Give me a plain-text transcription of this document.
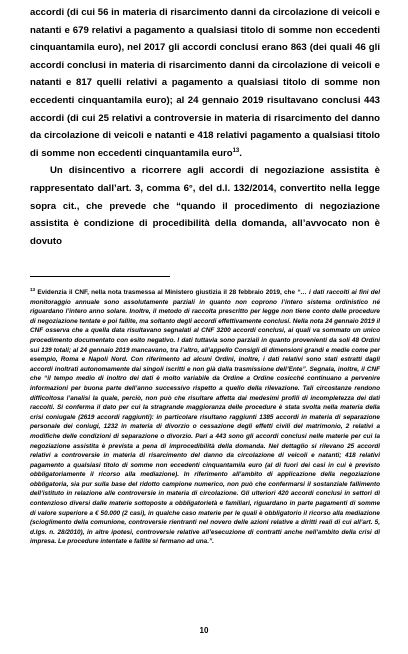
accordi (di cui 56 in materia di risarcimento danni da circolazione di veicoli e natanti e 679 relativi a pagamento a qualsiasi titolo di somme non eccedenti cinquantamila euro), nel 2017 gli accordi conclusi erano 863 (dei quali 46 gli accordi conclusi in materia di risarcimento danni da circolazione di veicoli e natanti e 817 quelli relativi a pagamento a qualsiasi titolo di somme non eccedenti cinquantamila euro); al 24 gennaio 2019 risultavano conclusi 443 accordi (di cui 25 relativi a controversie in materia di risarcimento del danno da circolazione di veicoli e natanti e 418 relativi pagamento a qualsiasi titolo di somme non eccedenti cinquantamila euro$^{13}$.

Un disincentivo a ricorrere agli accordi di negoziazione assistita è rappresentato dall’art. 3, comma 6°, del d.l. 132/2014, convertito nella legge sopra cit., che prevede che “quando il procedimento di negoziazione assistita è condizione di procedibilità della domanda, all’avvocato non è dovuto

$^{13}$ Evidenzia il CNF, nella nota trasmessa al Ministero giustizia il 28 febbraio 2019, che “… i dati raccolti ai fini del monitoraggio annuale sono assolutamente parziali in quanto non coprono l’intero sistema ordinistico né riguardano l’intero anno solare. Inoltre, il metodo di raccolta prescritto per legge non tiene conto delle procedure di negoziazione tentate e poi fallite, ma soltanto degli accordi effettivamente conclusi. Nella nota 24 gennaio 2019 il CNF osserva che a quella data risultavano segnalati al CNF 3200 accordi conclusi, ai quali va sommato un unico procedimento documentato con esito negativo. I dati tuttavia sono parziali in quanto provenienti da soli 48 Ordini sui 139 totali; al 24 gennaio 2019 mancavano, tra l’altro, all’appello Consigli di dimensioni grandi e medie come per esempio, Roma e Napoli Nord. Con riferimento ad alcuni Ordini, inoltre, i dati relativi sono stati estratti dagli accordi inoltrati autonomamente dai singoli iscritti e non già dalla trasmissione dell’Ente”. Segnala, inoltre, il CNF che “il tempo medio di inoltro dei dati è molto variabile da Ordine a Ordine cosicché continuano a pervenire informazioni per buona parte dell’anno successivo rispetto a quello della rilevazione. Tali circostanze rendono difficoltosa l’analisi la quale, perciò, non può che risultare affetta dai medesimi profili di incompletezza dei dati raccolti. Si conferma il dato per cui la stragrande maggioranza delle procedure è stata svolta nella materia della crisi coniugale (2619 accordi raggiunti): in particolare risultano raggiunti 1385 accordi in materia di separazione personale dei coniugi, 1232 in materia di divorzio o cessazione degli effetti civili del matrimonio, 2 relativi a modifiche delle condizioni di separazione o divorzio. Pari a 443 sono gli accordi conclusi nelle materie per cui la negoziazione assistita è prevista a pena di improcedibilità della domanda. Nel dettaglio si rilevano 25 accordi relativi a controversie in materia di risarcimento del danno da circolazione di veicoli e natanti; 418 relativi pagamento a qualsiasi titolo di somme non eccedenti cinquantamila euro (al di fuori dei casi in cui è previsto obbligatoriamente il ricorso alla mediazione). In riferimento all’ambito di applicazione della negoziazione obbligatoria, sia pur sulla base del ridotto campione numerico, non può che confermarsi il sostanziale fallimento dell’istituto in relazione alle controversie in materia di circolazione. Gli ulteriori 420 accordi conclusi in settori di contenzioso diversi dalle materie sottoposte a obbligatorietà e familiari, riguardano in parte pagamenti di somme di valore superiore a € 50.000 (2 casi), in qualche caso materie per le quali è obbligatorio il ricorso alla mediazione (scioglimento della comunione, controversie rientranti nel novero delle azioni relative a diritti reali di cui all’art. 5, d.lgs. n. 28/2010), in altre ipotesi, controversie relative all’esecuzione di contratti anche nell’ambito della crisi di impresa. Le procedure intentate e fallite si fermano ad una.”.
10
